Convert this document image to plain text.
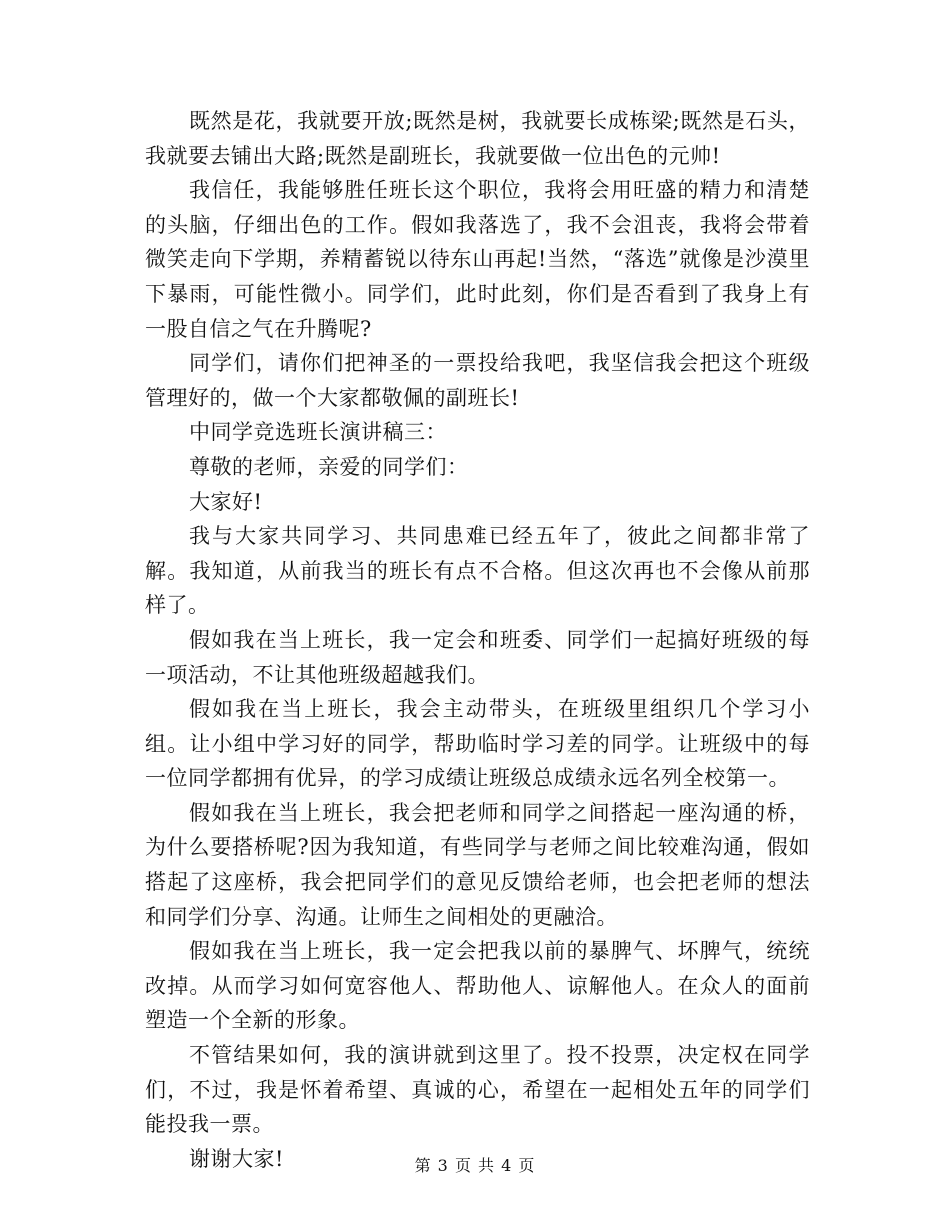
既然是花，我就要开放;既然是树，我就要长成栋梁;既然是石头，我就要去铺出大路;既然是副班长，我就要做一位出色的元帅!

我信任，我能够胜任班长这个职位，我将会用旺盛的精力和清楚的头脑，仔细出色的工作。假如我落选了，我不会沮丧，我将会带着微笑走向下学期，养精蓄锐以待东山再起!当然，“落选”就像是沙漠里下暴雨，可能性微小。同学们，此时此刻，你们是否看到了我身上有一股自信之气在升腾呢?

同学们，请你们把神圣的一票投给我吧，我坚信我会把这个班级管理好的，做一个大家都敬佩的副班长!

中同学竞选班长演讲稿三：

尊敬的老师，亲爱的同学们：

大家好!

我与大家共同学习、共同患难已经五年了，彼此之间都非常了解。我知道，从前我当的班长有点不合格。但这次再也不会像从前那样了。

假如我在当上班长，我一定会和班委、同学们一起搞好班级的每一项活动，不让其他班级超越我们。

假如我在当上班长，我会主动带头，在班级里组织几个学习小组。让小组中学习好的同学，帮助临时学习差的同学。让班级中的每一位同学都拥有优异，的学习成绩让班级总成绩永远名列全校第一。

假如我在当上班长，我会把老师和同学之间搭起一座沟通的桥，为什么要搭桥呢?因为我知道，有些同学与老师之间比较难沟通，假如搭起了这座桥，我会把同学们的意见反馈给老师，也会把老师的想法和同学们分享、沟通。让师生之间相处的更融洽。

假如我在当上班长，我一定会把我以前的暴脾气、坏脾气，统统改掉。从而学习如何宽容他人、帮助他人、谅解他人。在众人的面前塑造一个全新的形象。

不管结果如何，我的演讲就到这里了。投不投票，决定权在同学们，不过，我是怀着希望、真诚的心，希望在一起相处五年的同学们能投我一票。

谢谢大家!	第 3 页 共 4 页
